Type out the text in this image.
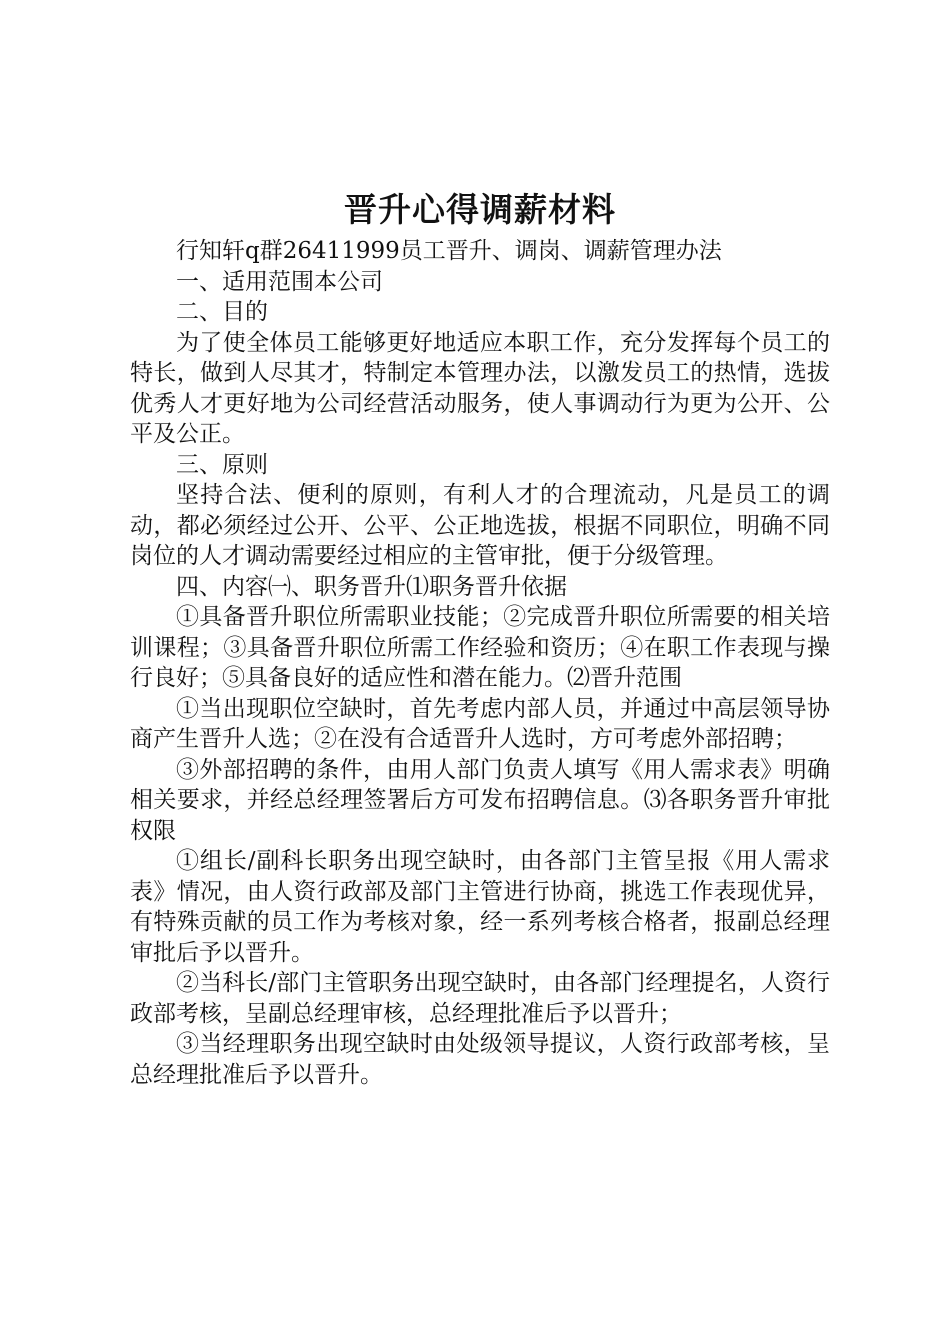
晋升心得调薪材料

行知轩q群26411999员工晋升、调岗、调薪管理办法

一、适用范围本公司

二、目的

为了使全体员工能够更好地适应本职工作，充分发挥每个员工的特长，做到人尽其才，特制定本管理办法，以激发员工的热情，选拔优秀人才更好地为公司经营活动服务，使人事调动行为更为公开、公平及公正。

三、原则

坚持合法、便利的原则，有利人才的合理流动，凡是员工的调动，都必须经过公开、公平、公正地选拔，根据不同职位，明确不同岗位的人才调动需要经过相应的主管审批，便于分级管理。

四、内容㈠、职务晋升⑴职务晋升依据

①具备晋升职位所需职业技能；②完成晋升职位所需要的相关培训课程；③具备晋升职位所需工作经验和资历；④在职工作表现与操行良好；⑤具备良好的适应性和潜在能力。⑵晋升范围

①当出现职位空缺时，首先考虑内部人员，并通过中高层领导协商产生晋升人选；②在没有合适晋升人选时，方可考虑外部招聘；

③外部招聘的条件，由用人部门负责人填写《用人需求表》明确相关要求，并经总经理签署后方可发布招聘信息。⑶各职务晋升审批权限

①组长/副科长职务出现空缺时，由各部门主管呈报《用人需求表》情况，由人资行政部及部门主管进行协商，挑选工作表现优异，有特殊贡献的员工作为考核对象，经一系列考核合格者，报副总经理审批后予以晋升。

②当科长/部门主管职务出现空缺时，由各部门经理提名，人资行政部考核，呈副总经理审核，总经理批准后予以晋升；

③当经理职务出现空缺时由处级领导提议，人资行政部考核，呈总经理批准后予以晋升。
